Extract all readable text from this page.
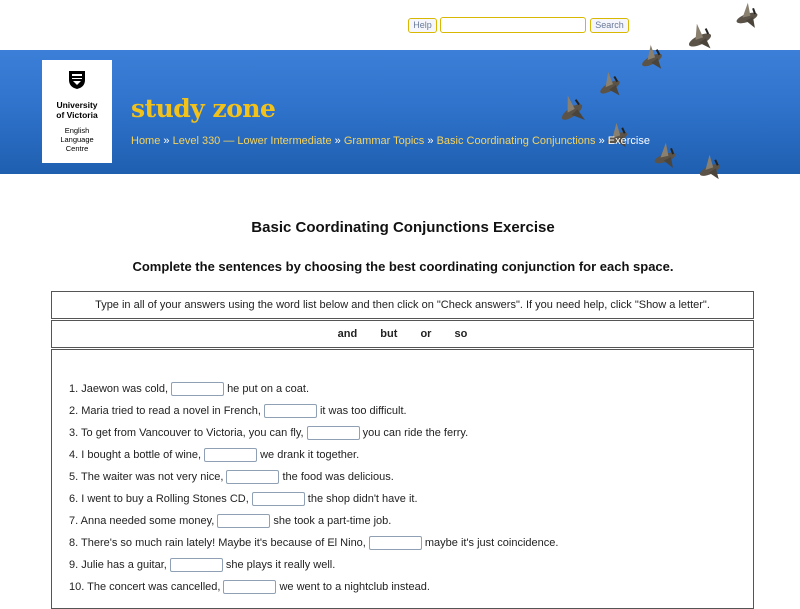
Help	Search
University
of Victoria
English
Language
Centre
study zone
Home » Level 330 — Lower Intermediate » Grammar Topics » Basic Coordinating Conjunctions » Exercise
Basic Coordinating Conjunctions Exercise
Complete the sentences by choosing the best coordinating conjunction for each space.
Type in all of your answers using the word list below and then click on "Check answers". If you need help, click "Show a letter".
and but or so
1. Jaewon was cold,	he put on a coat.
2. Maria tried to read a novel in French,	it was too difficult.
3. To get from Vancouver to Victoria, you can fly,	you can ride the ferry.
4. I bought a bottle of wine,	we drank it together.
5. The waiter was not very nice,	the food was delicious.
6. I went to buy a Rolling Stones CD,	the shop didn't have it.
7. Anna needed some money,	she took a part-time job.
8. There's so much rain lately! Maybe it's because of El Nino,	maybe it's just coincidence.
9. Julie has a guitar,	she plays it really well.
10. The concert was cancelled,	we went to a nightclub instead.
